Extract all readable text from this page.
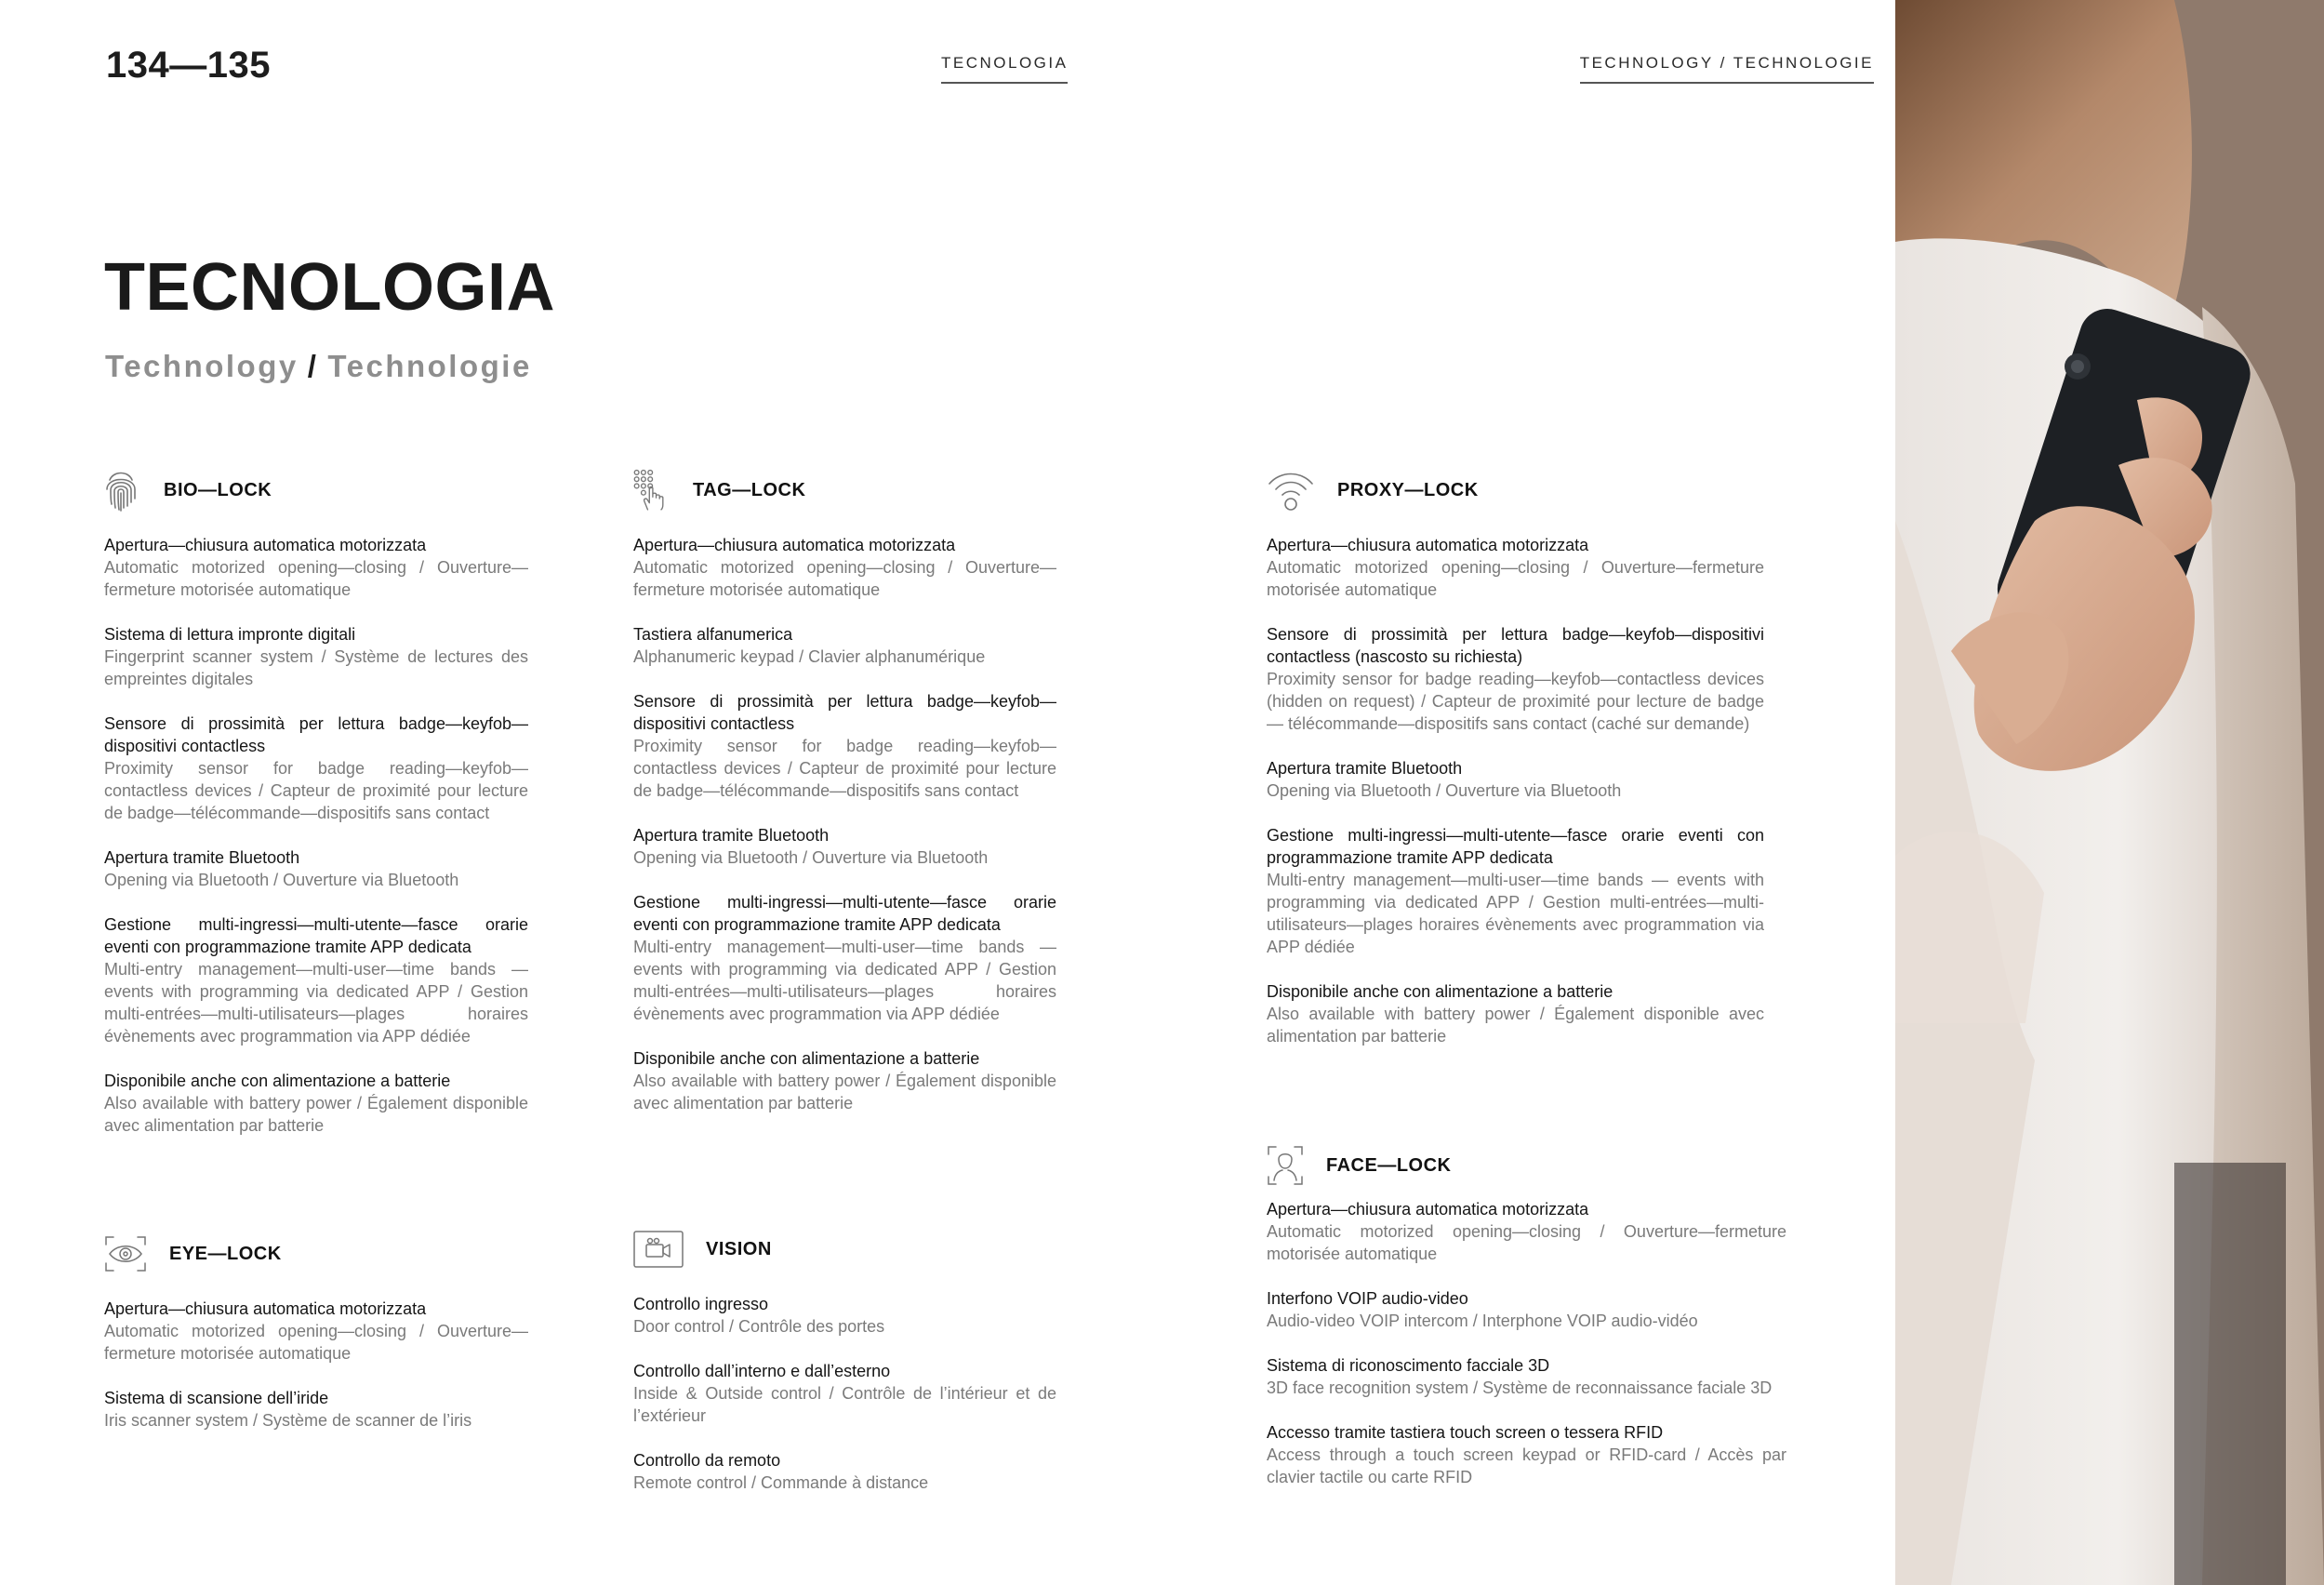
134—135	TECNOLOGIA	TECHNOLOGY / TECHNOLOGIE
TECNOLOGIA
Technology / Technologie
BIO—LOCK
Apertura—chiusura automatica motorizzata
Automatic motorized opening—closing / Ouverture—fermeture motorisée automatique
Sistema di lettura impronte digitali
Fingerprint scanner system / Système de lectures des empreintes digitales
Sensore di prossimità per lettura badge—keyfob—dispositivi contactless
Proximity sensor for badge reading—keyfob—contactless devices / Capteur de proximité pour lecture de badge—télécommande—dispositifs sans contact
Apertura tramite Bluetooth
Opening via Bluetooth / Ouverture via Bluetooth
Gestione multi-ingressi—multi-utente—fasce orarie eventi con programmazione tramite APP dedicata
Multi-entry management—multi-user—time bands — events with programming via dedicated APP / Gestion multi-entrées—multi-utilisateurs—plages horaires évènements avec programmation via APP dédiée
Disponibile anche con alimentazione a batterie
Also available with battery power / Également disponible avec alimentation par batterie
TAG—LOCK
Apertura—chiusura automatica motorizzata
Automatic motorized opening—closing / Ouverture—fermeture motorisée automatique
Tastiera alfanumerica
Alphanumeric keypad / Clavier alphanumérique
Sensore di prossimità per lettura badge—keyfob—dispositivi contactless
Proximity sensor for badge reading—keyfob—contactless devices / Capteur de proximité pour lecture de badge—télécommande—dispositifs sans contact
Apertura tramite Bluetooth
Opening via Bluetooth / Ouverture via Bluetooth
Gestione multi-ingressi—multi-utente—fasce orarie eventi con programmazione tramite APP dedicata
Multi-entry management—multi-user—time bands — events with programming via dedicated APP / Gestion multi-entrées—multi-utilisateurs—plages horaires évènements avec programmation via APP dédiée
Disponibile anche con alimentazione a batterie
Also available with battery power / Également disponible avec alimentation par batterie
PROXY—LOCK
Apertura—chiusura automatica motorizzata
Automatic motorized opening—closing / Ouverture—fermeture motorisée automatique
Sensore di prossimità per lettura badge—keyfob—dispositivi contactless (nascosto su richiesta)
Proximity sensor for badge reading—keyfob—contactless devices (hidden on request) / Capteur de proximité pour lecture de badge— télécommande—dispositifs sans contact (caché sur demande)
Apertura tramite Bluetooth
Opening via Bluetooth / Ouverture via Bluetooth
Gestione multi-ingressi—multi-utente—fasce orarie eventi con programmazione tramite APP dedicata
Multi-entry management—multi-user—time bands — events with programming via dedicated APP / Gestion multi-entrées—multi-utilisateurs—plages horaires évènements avec programmation via APP dédiée
Disponibile anche con alimentazione a batterie
Also available with battery power / Également disponible avec alimentation par batterie
EYE—LOCK
Apertura—chiusura automatica motorizzata
Automatic motorized opening—closing / Ouverture—fermeture motorisée automatique
Sistema di scansione dell’iride
Iris scanner system / Système de scanner de l’iris
VISION
Controllo ingresso
Door control / Contrôle des portes
Controllo dall’interno e dall’esterno
Inside & Outside control / Contrôle de l’intérieur et de l’extérieur
Controllo da remoto
Remote control / Commande à distance
FACE—LOCK
Apertura—chiusura automatica motorizzata
Automatic motorized opening—closing / Ouverture—fermeture motorisée automatique
Interfono VOIP audio-video
Audio-video VOIP intercom / Interphone VOIP audio-vidéo
Sistema di riconoscimento facciale 3D
3D face recognition system / Système de reconnaissance faciale 3D
Accesso tramite tastiera touch screen o tessera RFID
Access through a touch screen keypad or RFID-card / Accès par clavier tactile ou carte RFID
